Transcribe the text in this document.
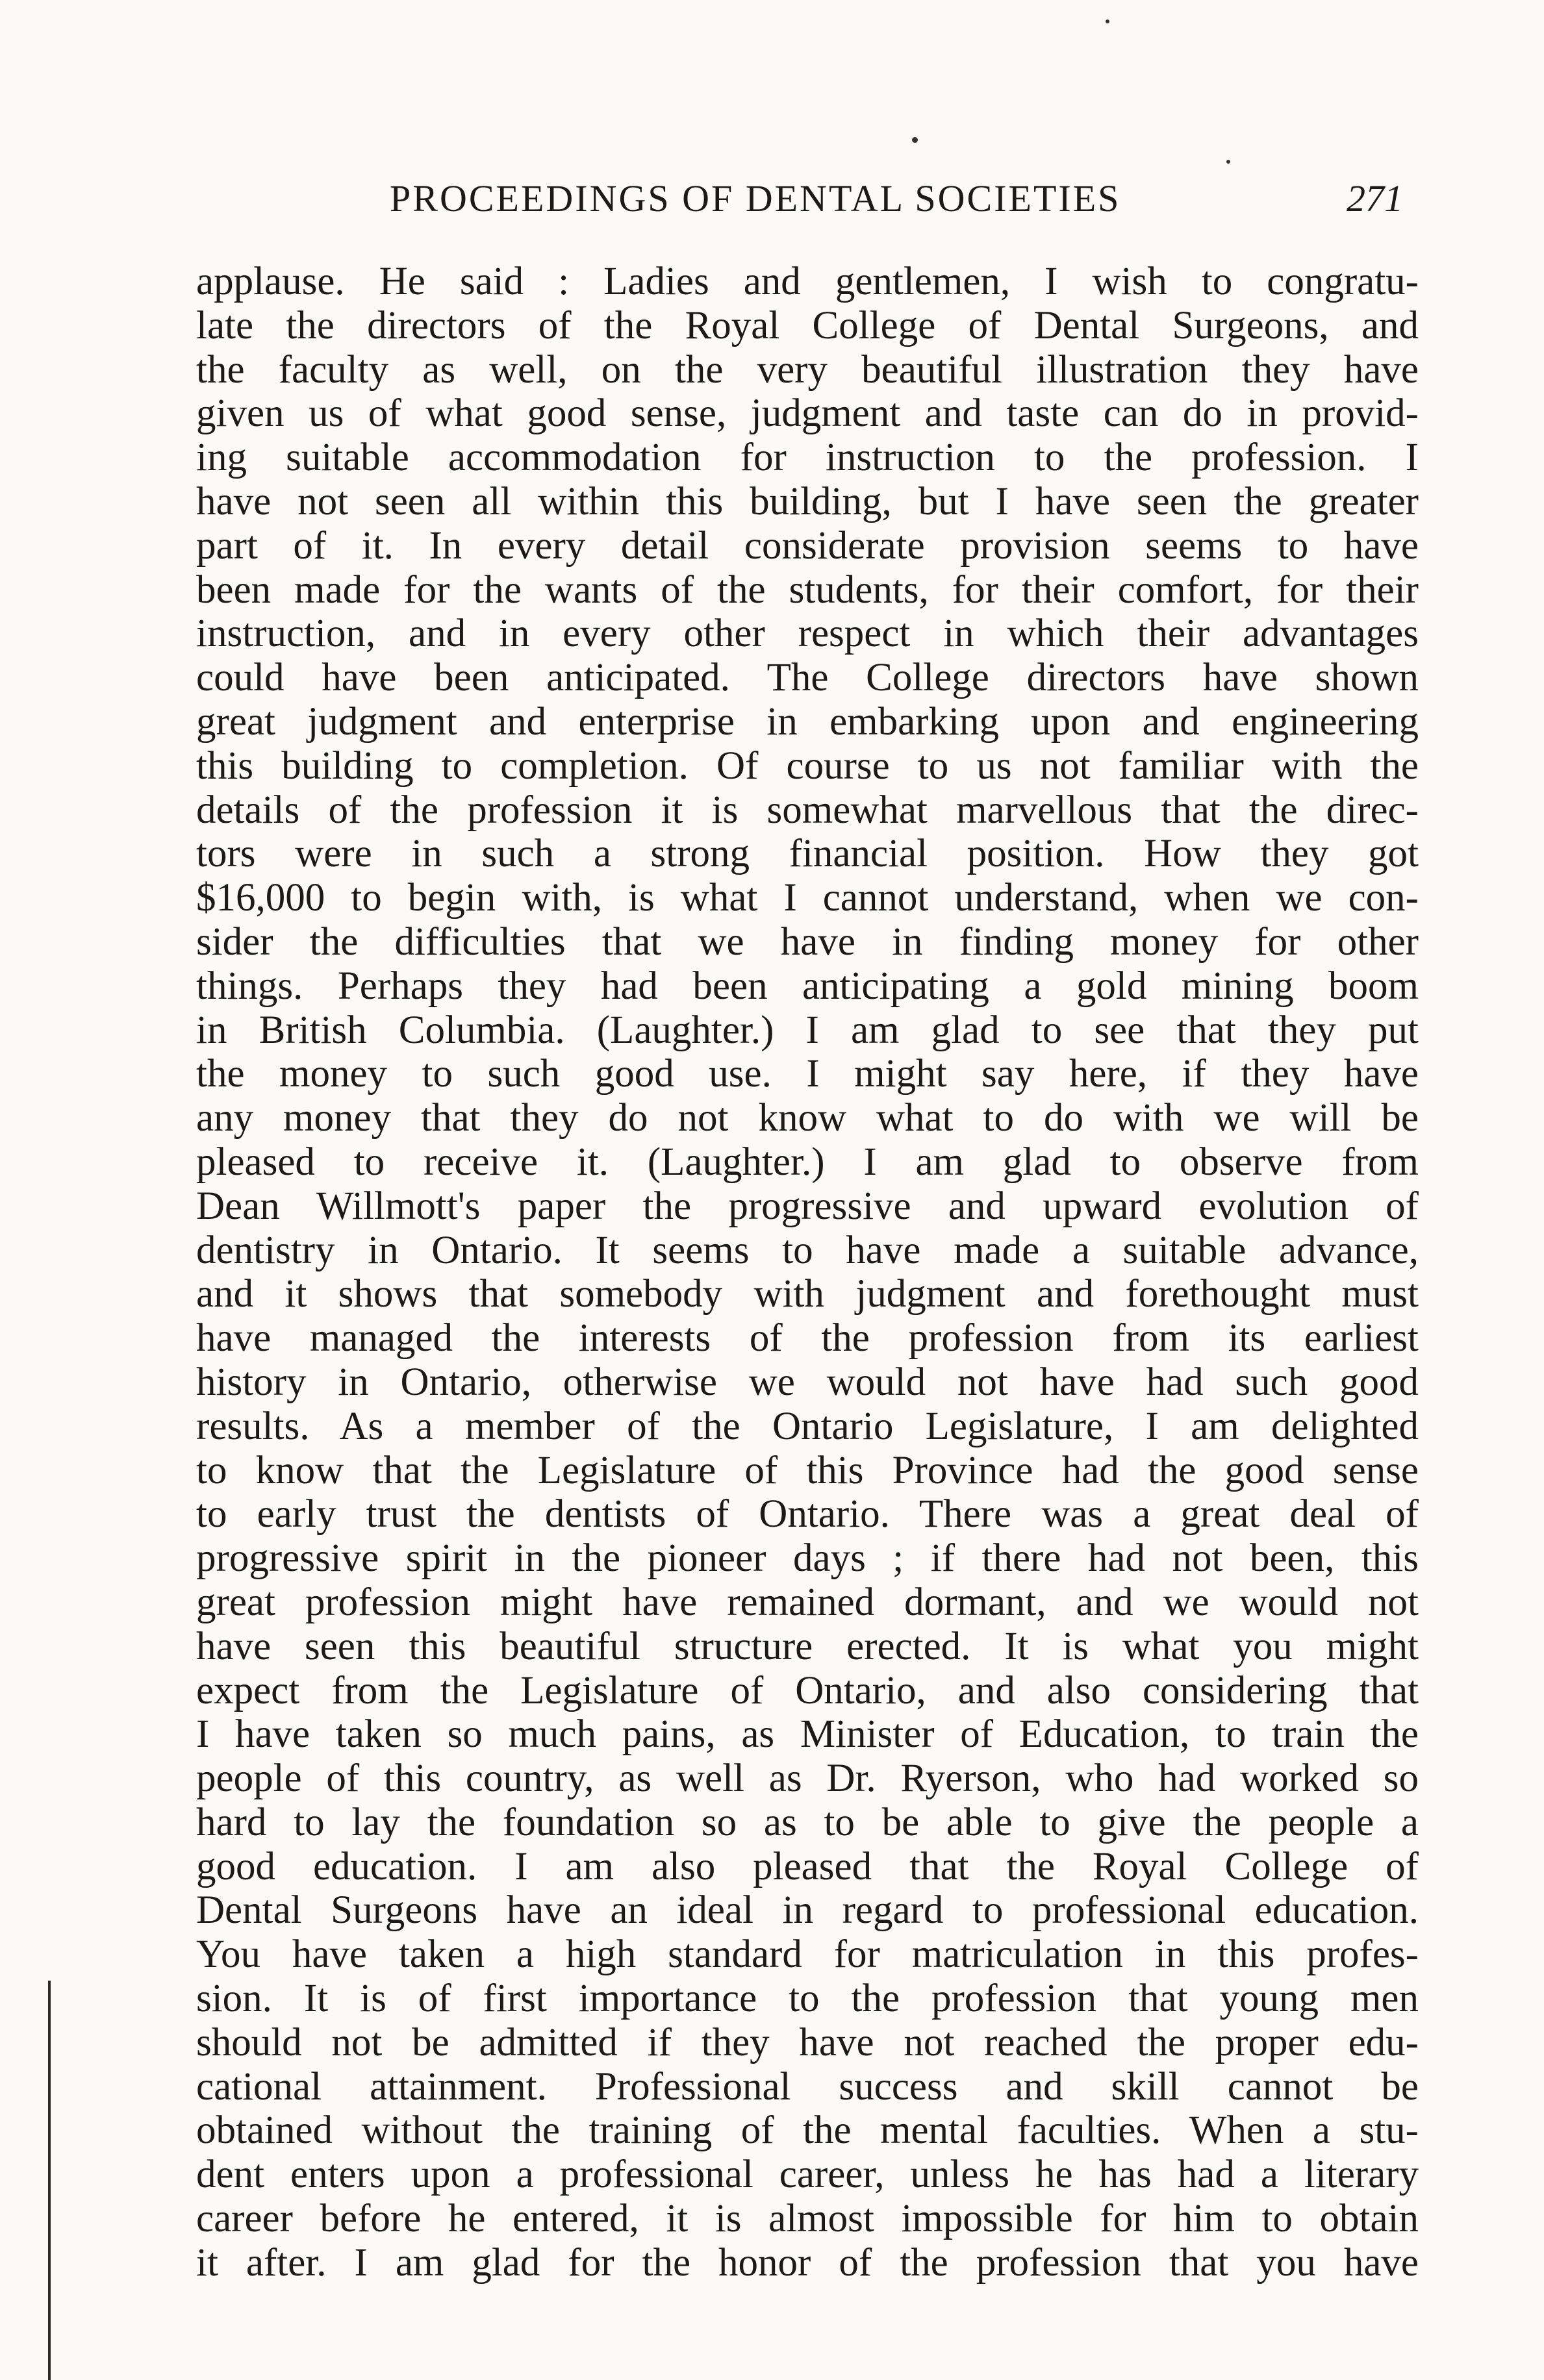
PROCEEDINGS OF DENTAL SOCIETIES	271
applause. He said : Ladies and gentlemen, I wish to congratu-
late the directors of the Royal College of Dental Surgeons, and
the faculty as well, on the very beautiful illustration they have
given us of what good sense, judgment and taste can do in provid-
ing suitable accommodation for instruction to the profession. I
have not seen all within this building, but I have seen the greater
part of it. In every detail considerate provision seems to have
been made for the wants of the students, for their comfort, for their
instruction, and in every other respect in which their advantages
could have been anticipated. The College directors have shown
great judgment and enterprise in embarking upon and engineering
this building to completion. Of course to us not familiar with the
details of the profession it is somewhat marvellous that the direc-
tors were in such a strong financial position. How they got
$16,000 to begin with, is what I cannot understand, when we con-
sider the difficulties that we have in finding money for other
things. Perhaps they had been anticipating a gold mining boom
in British Columbia. (Laughter.) I am glad to see that they put
the money to such good use. I might say here, if they have
any money that they do not know what to do with we will be
pleased to receive it. (Laughter.) I am glad to observe from
Dean Willmott's paper the progressive and upward evolution of
dentistry in Ontario. It seems to have made a suitable advance,
and it shows that somebody with judgment and forethought must
have managed the interests of the profession from its earliest
history in Ontario, otherwise we would not have had such good
results. As a member of the Ontario Legislature, I am delighted
to know that the Legislature of this Province had the good sense
to early trust the dentists of Ontario. There was a great deal of
progressive spirit in the pioneer days ; if there had not been, this
great profession might have remained dormant, and we would not
have seen this beautiful structure erected. It is what you might
expect from the Legislature of Ontario, and also considering that
I have taken so much pains, as Minister of Education, to train the
people of this country, as well as Dr. Ryerson, who had worked so
hard to lay the foundation so as to be able to give the people a
good education. I am also pleased that the Royal College of
Dental Surgeons have an ideal in regard to professional education.
You have taken a high standard for matriculation in this profes-
sion. It is of first importance to the profession that young men
should not be admitted if they have not reached the proper edu-
cational attainment. Professional success and skill cannot be
obtained without the training of the mental faculties. When a stu-
dent enters upon a professional career, unless he has had a literary
career before he entered, it is almost impossible for him to obtain
it after. I am glad for the honor of the profession that you have
